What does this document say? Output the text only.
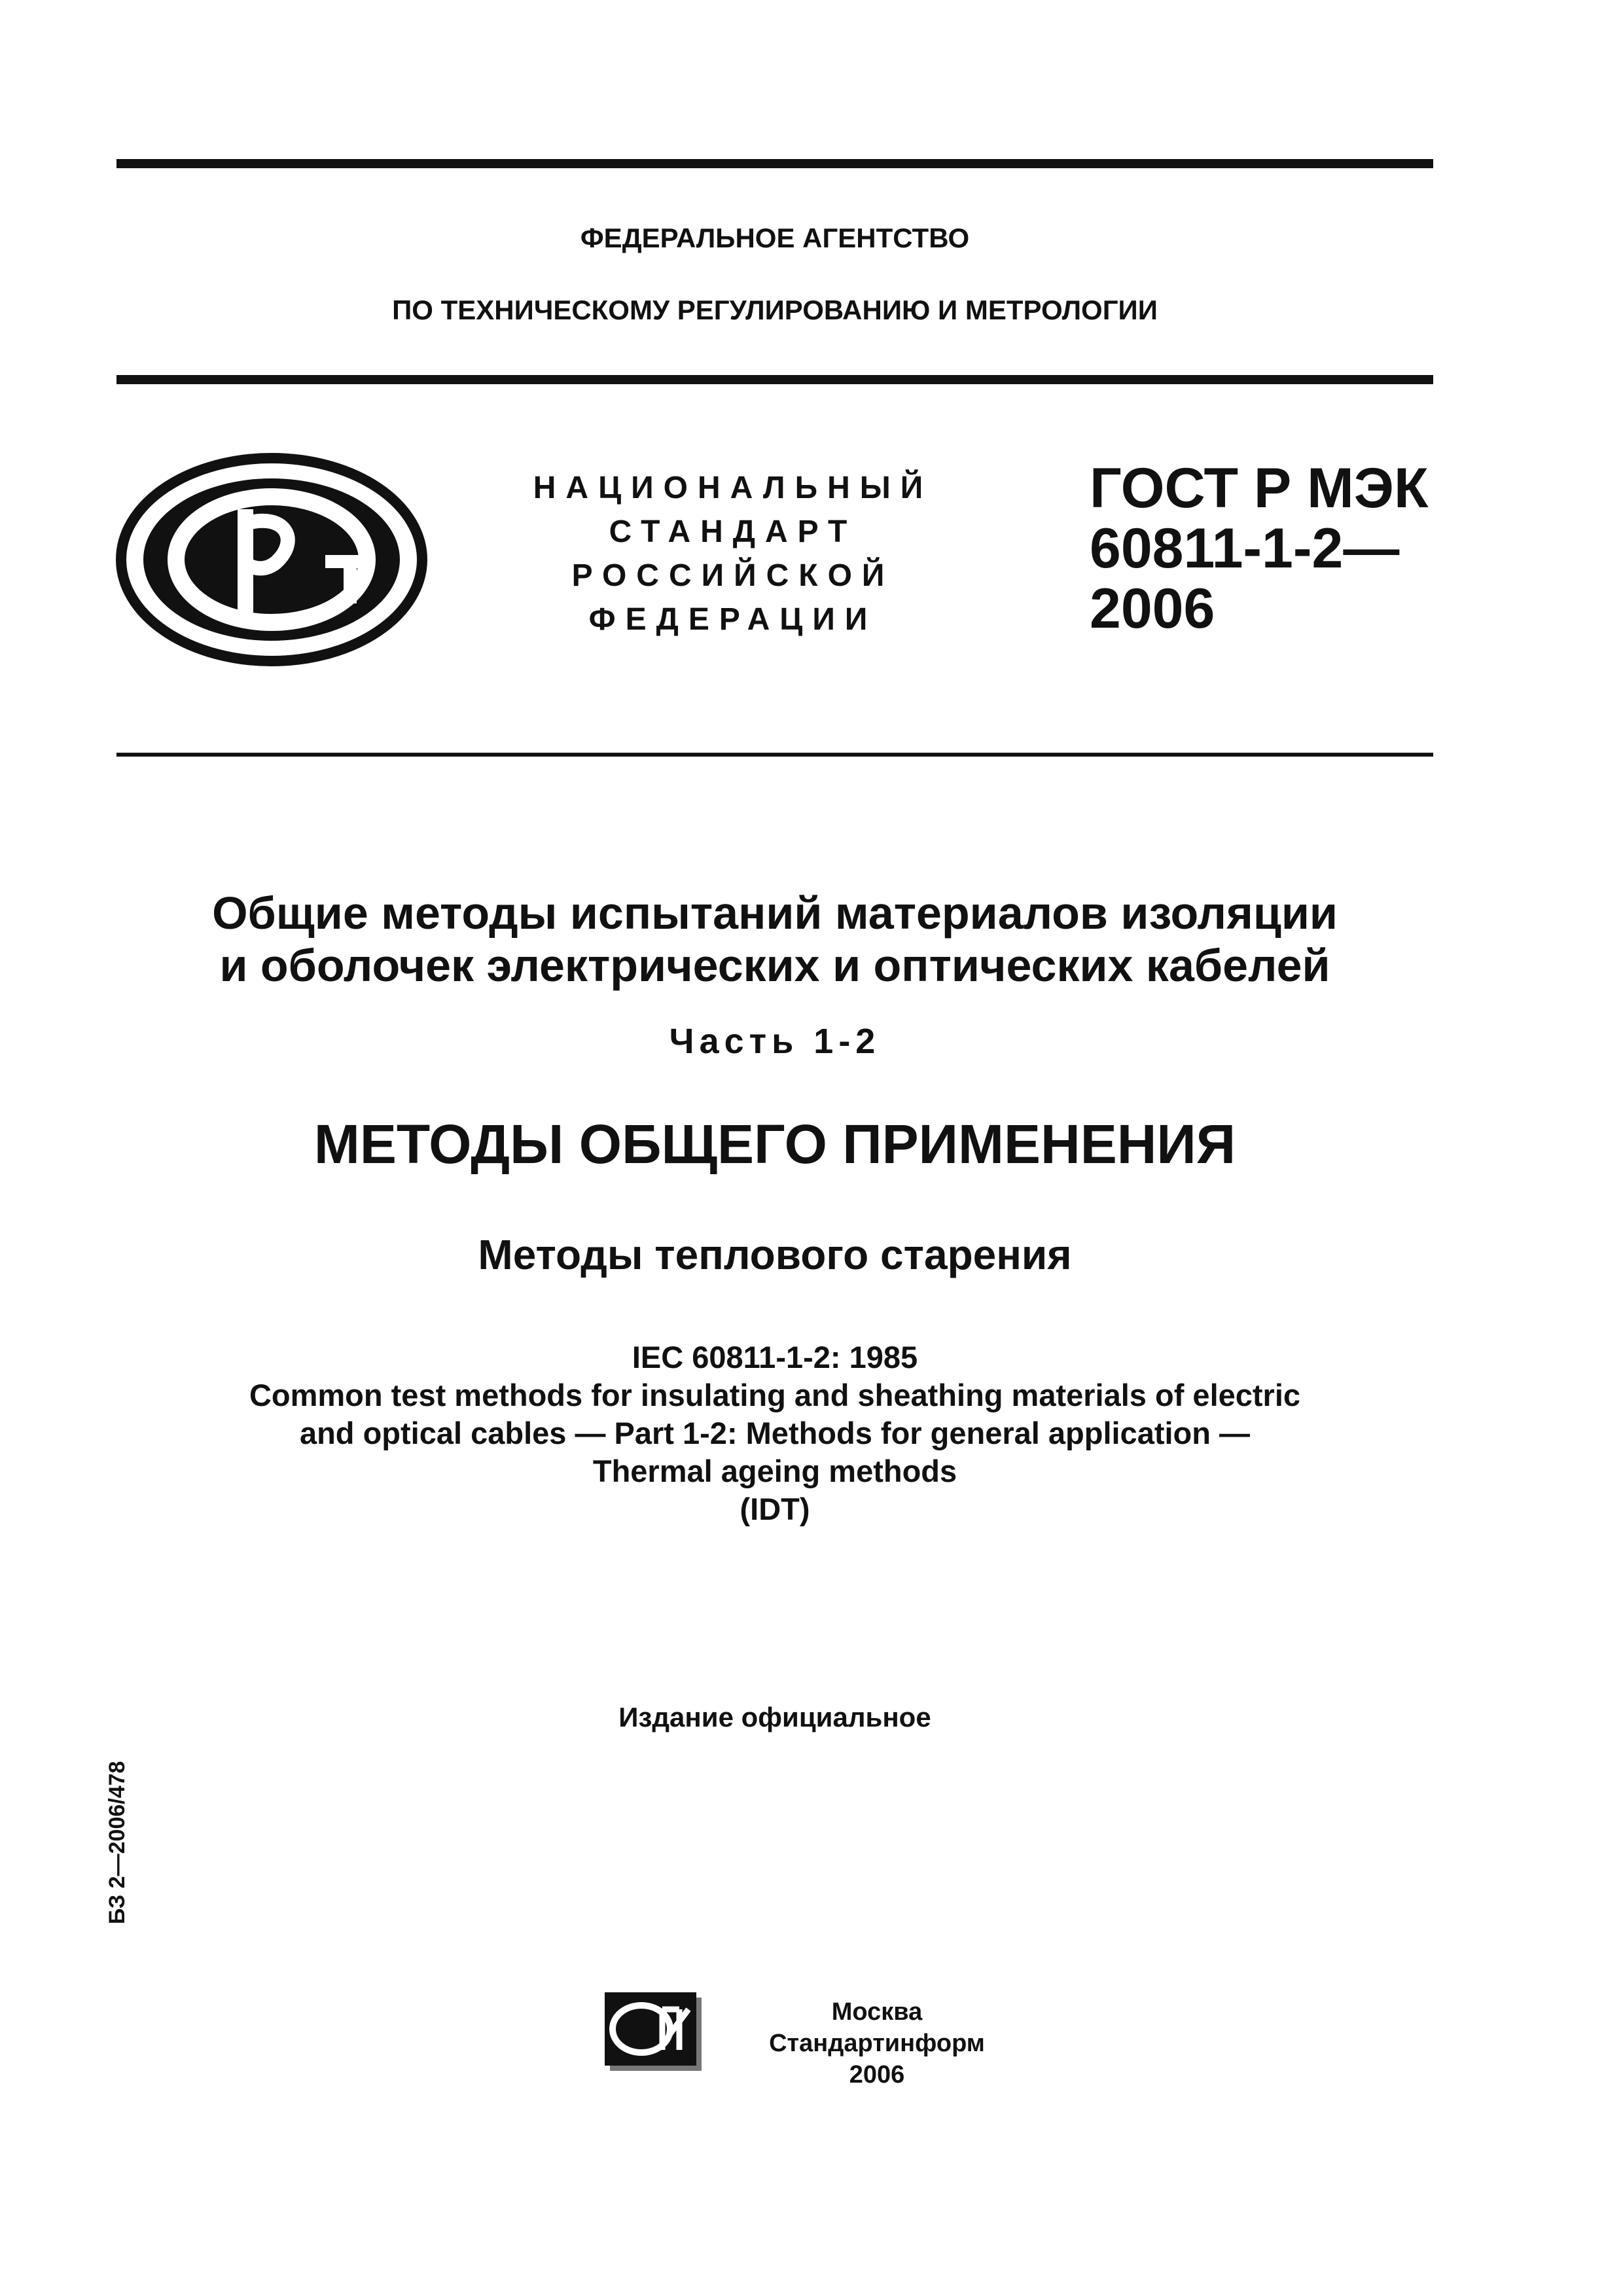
ФЕДЕРАЛЬНОЕ АГЕНТСТВО
ПО ТЕХНИЧЕСКОМУ РЕГУЛИРОВАНИЮ И МЕТРОЛОГИИ
НАЦИОНАЛЬНЫЙ
СТАНДАРТ
РОССИЙСКОЙ
ФЕДЕРАЦИИ
ГОСТ Р МЭК
60811-1-2—
2006
Общие методы испытаний материалов изоляции
и оболочек электрических и оптических кабелей
Часть 1-2
МЕТОДЫ ОБЩЕГО ПРИМЕНЕНИЯ
Методы теплового старения
IEC 60811-1-2: 1985
Common test methods for insulating and sheathing materials of electric
and optical cables — Part 1-2: Methods for general application —
Thermal ageing methods
(IDT)
Издание официальное
БЗ 2—2006/478
Москва
Стандартинформ
2006
